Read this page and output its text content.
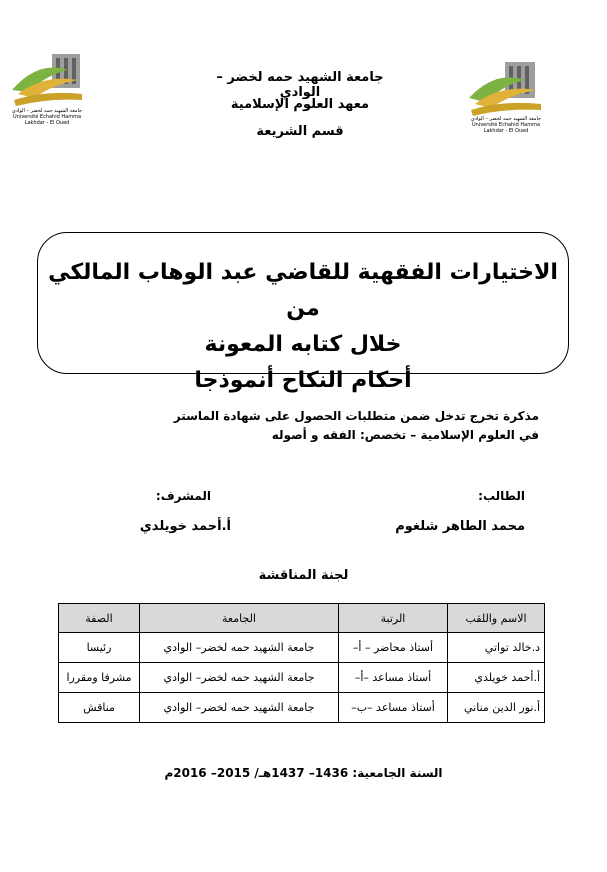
جامعة الشهيد حمه لخضر – الوادي
معهد العلوم الإسلامية
قسم الشريعة
جامعة الشهيد حمه لخضر – الوادي
Université Echahid Hamma Lakhdar - El Oued
جامعة الشهيد حمه لخضر – الوادي
Université Echahid Hamma Lakhdar - El Oued
الاختيارات الفقهية للقاضي عبد الوهاب المالكي من
خلال كتابه المعونة
أحكام النكاح أنموذجا
مذكرة تخرج تدخل ضمن متطلبات الحصول على شهادة الماستر
في العلوم الإسلامية – تخصص: الفقه و أصوله
الطالب:
المشرف:
محمد الطاهر شلغوم
أ.أحمد خويلدي
لجنة المناقشة
الاسم واللقب	الرتبة	الجامعة	الصفة
د.خالد تواتي	أستاذ محاضر – أ–	جامعة الشهيد حمه لخضر– الوادي	رئيسا
أ.أحمد خويلدي	أستاذ مساعد –أ–	جامعة الشهيد حمه لخضر– الوادي	مشرفا ومقررا
أ.نور الدين مناني	أستاذ مساعد –ب–	جامعة الشهيد حمه لخضر– الوادي	مناقش
السنة الجامعية: 1436– 1437هـ/ 2015– 2016م
